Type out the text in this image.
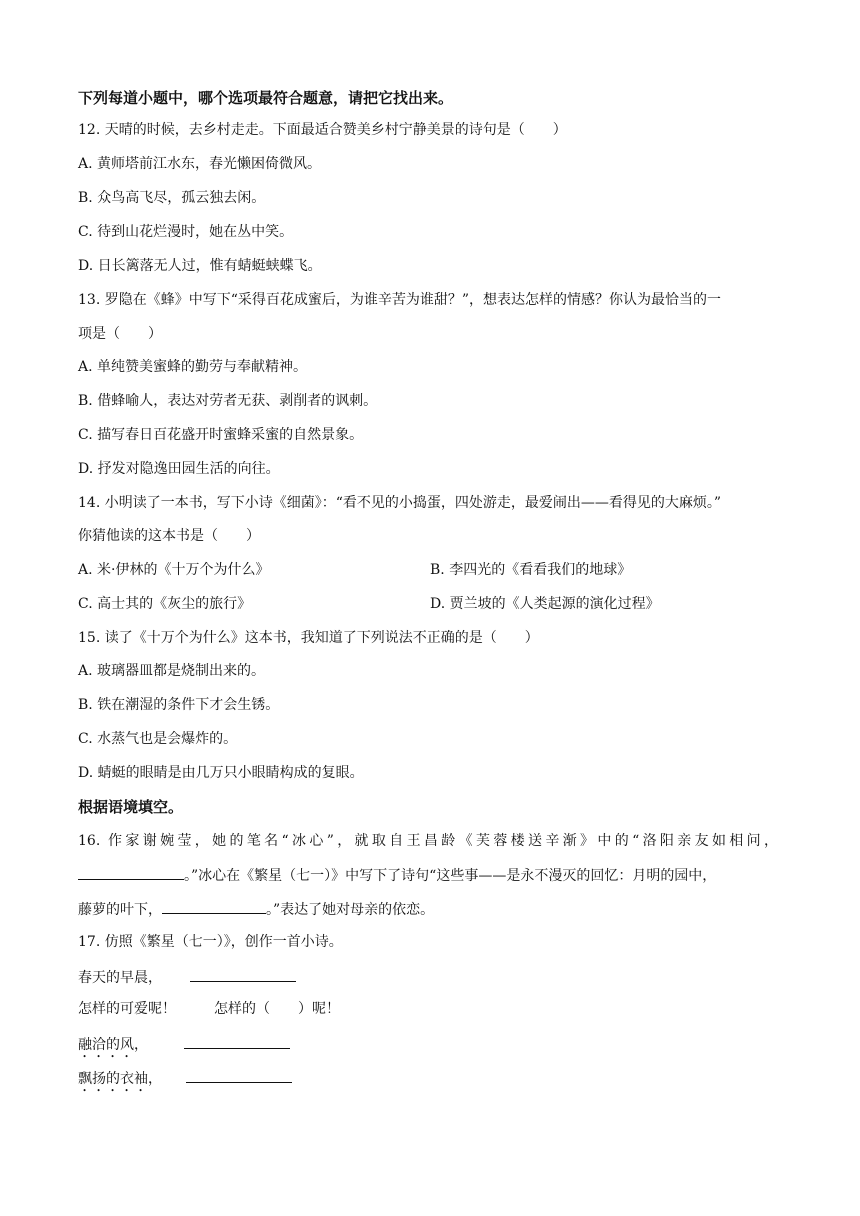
下列每道小题中，哪个选项最符合题意，请把它找出来。
12. 天晴的时候，去乡村走走。下面最适合赞美乡村宁静美景的诗句是（　　）
A. 黄师塔前江水东，春光懒困倚微风。
B. 众鸟高飞尽，孤云独去闲。
C. 待到山花烂漫时，她在丛中笑。
D. 日长篱落无人过，惟有蜻蜓蛱蝶飞。
13. 罗隐在《蜂》中写下“采得百花成蜜后，为谁辛苦为谁甜？”，想表达怎样的情感？你认为最恰当的一
项是（　　）
A. 单纯赞美蜜蜂的勤劳与奉献精神。
B. 借蜂喻人，表达对劳者无获、剥削者的讽刺。
C. 描写春日百花盛开时蜜蜂采蜜的自然景象。
D. 抒发对隐逸田园生活的向往。
14. 小明读了一本书，写下小诗《细菌》：“看不见的小捣蛋，四处游走，最爱闹出——看得见的大麻烦。”
你猜他读的这本书是（　　）
A. 米·伊林的《十万个为什么》	B. 李四光的《看看我们的地球》
C. 高士其的《灰尘的旅行》	D. 贾兰坡的《人类起源的演化过程》
15. 读了《十万个为什么》这本书，我知道了下列说法不正确的是（　　）
A. 玻璃器皿都是烧制出来的。
B. 铁在潮湿的条件下才会生锈。
C. 水蒸气也是会爆炸的。
D. 蜻蜓的眼睛是由几万只小眼睛构成的复眼。
根据语境填空。
16. 作家谢婉莹，她的笔名“冰心”，就取自王昌龄《芙蓉楼送辛渐》中的“洛阳亲友如相问，
。”冰心在《繁星（七一）》中写下了诗句“这些事——是永不漫灭的回忆：月明的园中，
藤萝的叶下，	。”表达了她对母亲的依恋。
17. 仿照《繁星（七一）》，创作一首小诗。
春天的早晨，
怎样的可爱呢！	怎样的（　　）呢！
融洽的风，
飘扬的衣袖，
